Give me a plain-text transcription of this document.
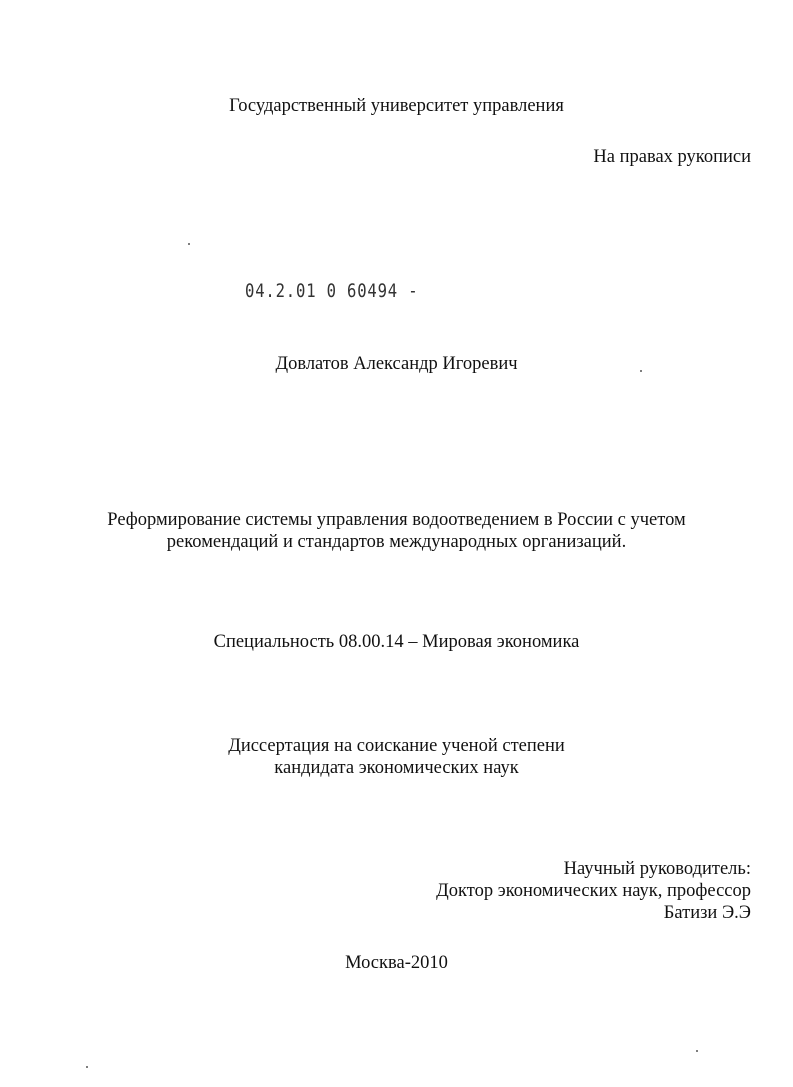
Государственный университет управления
На правах рукописи
04.2.01 0 60494 -
Довлатов Александр Игоревич
Реформирование системы управления водоотведением в России с учетом
рекомендаций и стандартов международных организаций.
Специальность 08.00.14 – Мировая экономика
Диссертация на соискание ученой степени
кандидата экономических наук
Научный руководитель:
Доктор экономических наук, профессор
Батизи Э.Э
Москва-2010
